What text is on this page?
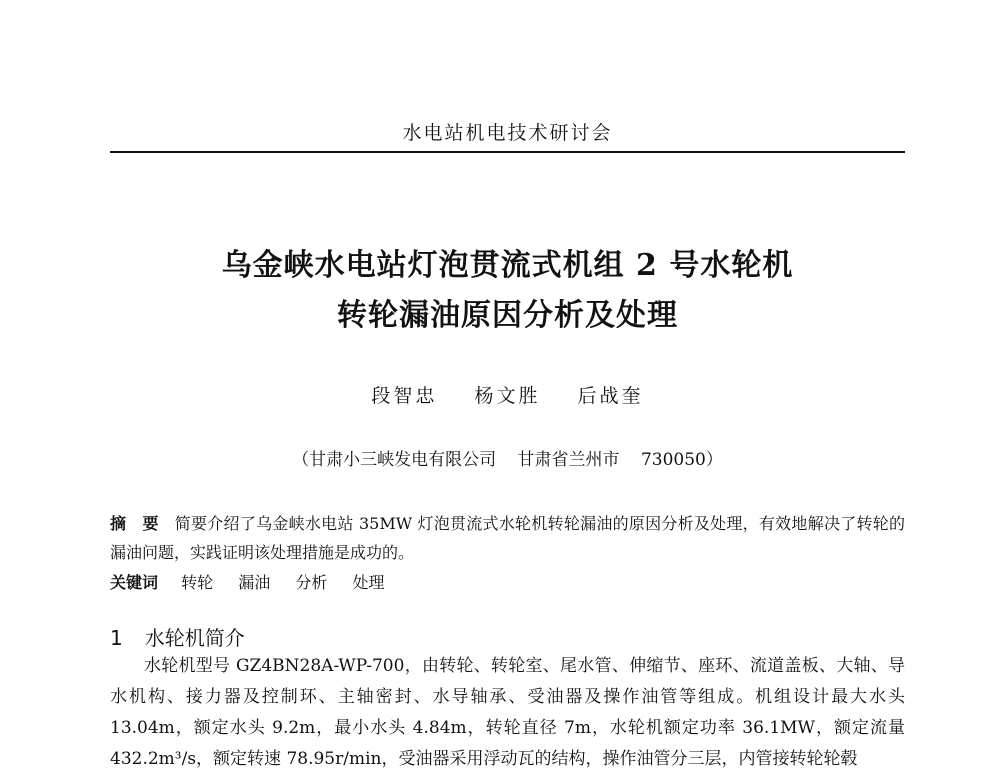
水电站机电技术研讨会
乌金峡水电站灯泡贯流式机组 2 号水轮机
转轮漏油原因分析及处理
段智忠 杨文胜 后战奎
（甘肃小三峡发电有限公司 甘肃省兰州市 730050）
摘　要 简要介绍了乌金峡水电站 35MW 灯泡贯流式水轮机转轮漏油的原因分析及处理，有效地解决了转轮的漏油问题，实践证明该处理措施是成功的。
关键词 转轮 漏油 分析 处理
1 水轮机简介
水轮机型号 GZ4BN28A-WP-700，由转轮、转轮室、尾水管、伸缩节、座环、流道盖板、大轴、导水机构、接力器及控制环、主轴密封、水导轴承、受油器及操作油管等组成。机组设计最大水头 13.04m，额定水头 9.2m，最小水头 4.84m，转轮直径 7m，水轮机额定功率 36.1MW，额定流量 432.2m³/s，额定转速 78.95r/min，受油器采用浮动瓦的结构，操作油管分三层，内管接转轮轮毂
